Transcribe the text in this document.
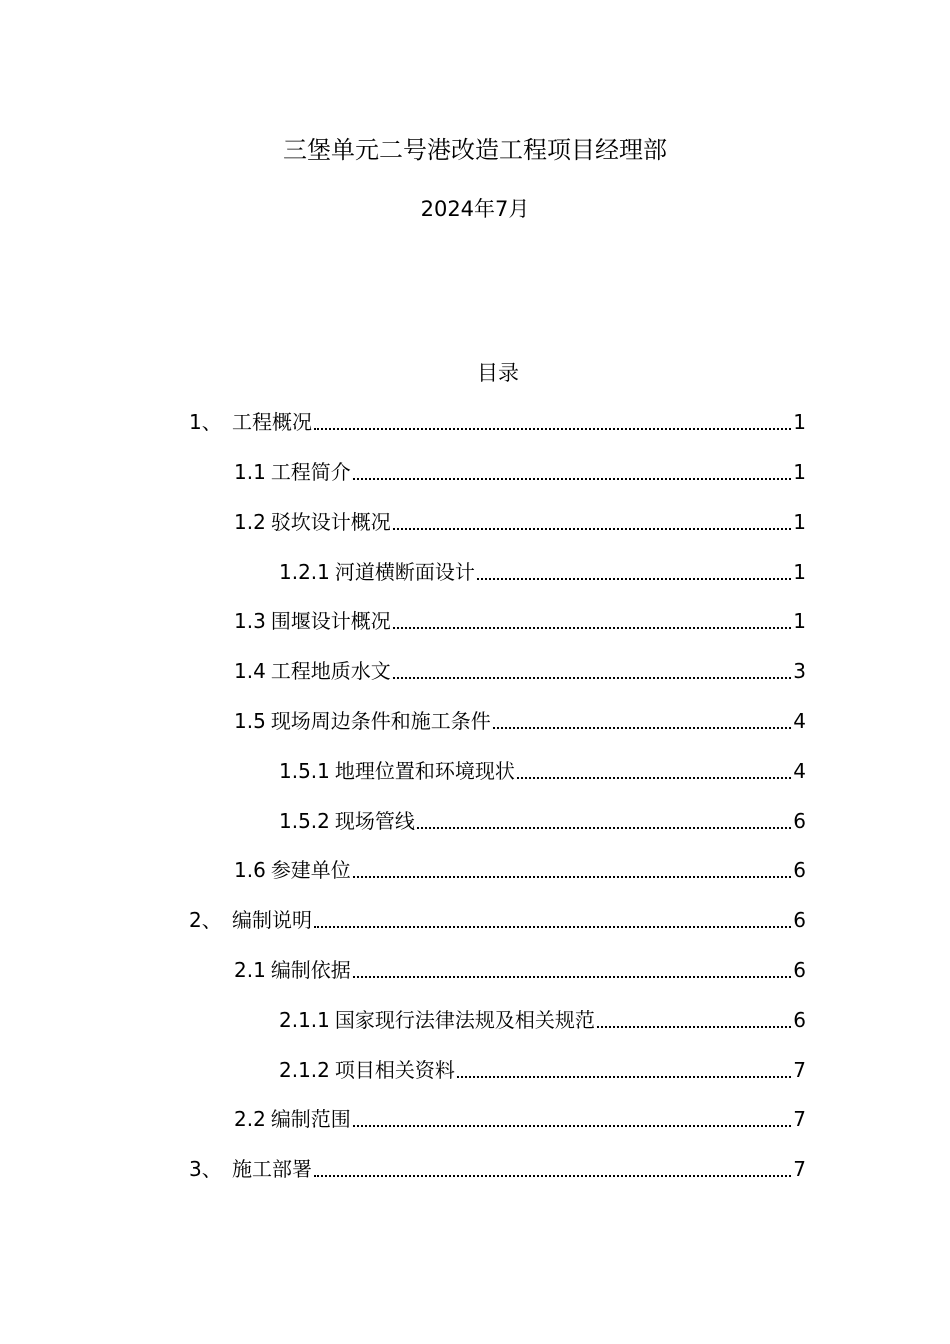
三堡单元二号港改造工程项目经理部
2024年7月
目录
1、 工程概况	1
1.1 工程简介	1
1.2 驳坎设计概况	1
1.2.1 河道横断面设计	1
1.3 围堰设计概况	1
1.4 工程地质水文	3
1.5 现场周边条件和施工条件	4
1.5.1 地理位置和环境现状	4
1.5.2 现场管线	6
1.6 参建单位	6
2、 编制说明	6
2.1 编制依据	6
2.1.1 国家现行法律法规及相关规范	6
2.1.2 项目相关资料	7
2.2 编制范围	7
3、 施工部署	7
